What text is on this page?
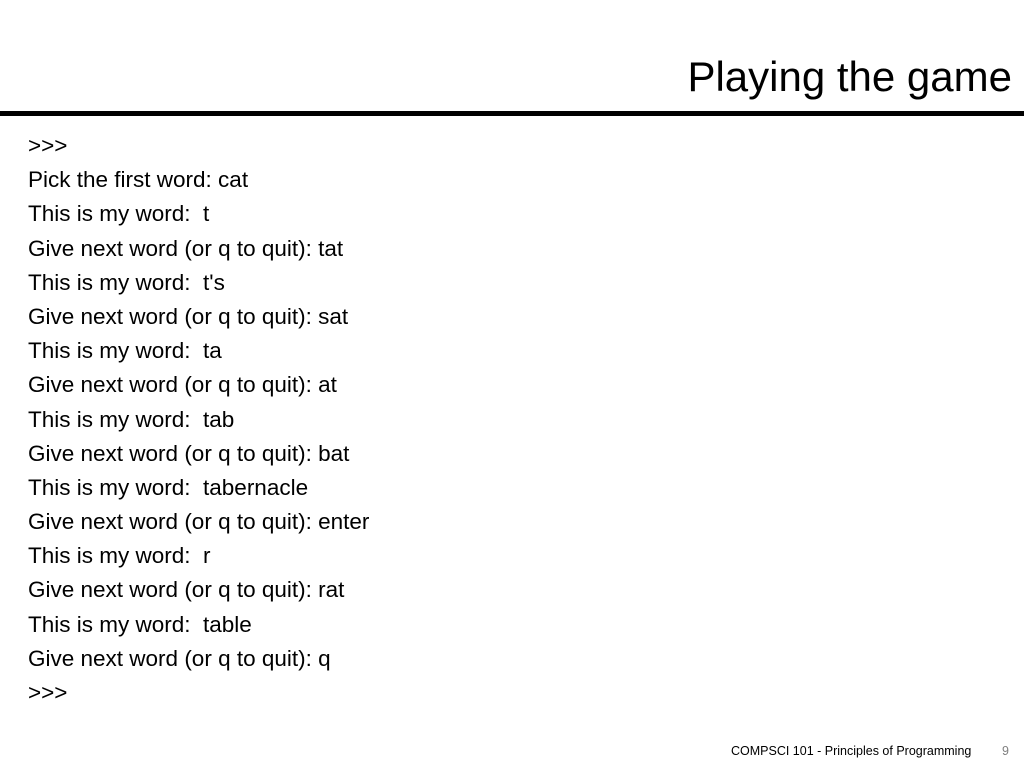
Playing the game
>>>
Pick the first word: cat
This is my word:  t
Give next word (or q to quit): tat
This is my word:  t's
Give next word (or q to quit): sat
This is my word:  ta
Give next word (or q to quit): at
This is my word:  tab
Give next word (or q to quit): bat
This is my word:  tabernacle
Give next word (or q to quit): enter
This is my word:  r
Give next word (or q to quit): rat
This is my word:  table
Give next word (or q to quit): q
>>>
COMPSCI 101 - Principles of Programming 9
